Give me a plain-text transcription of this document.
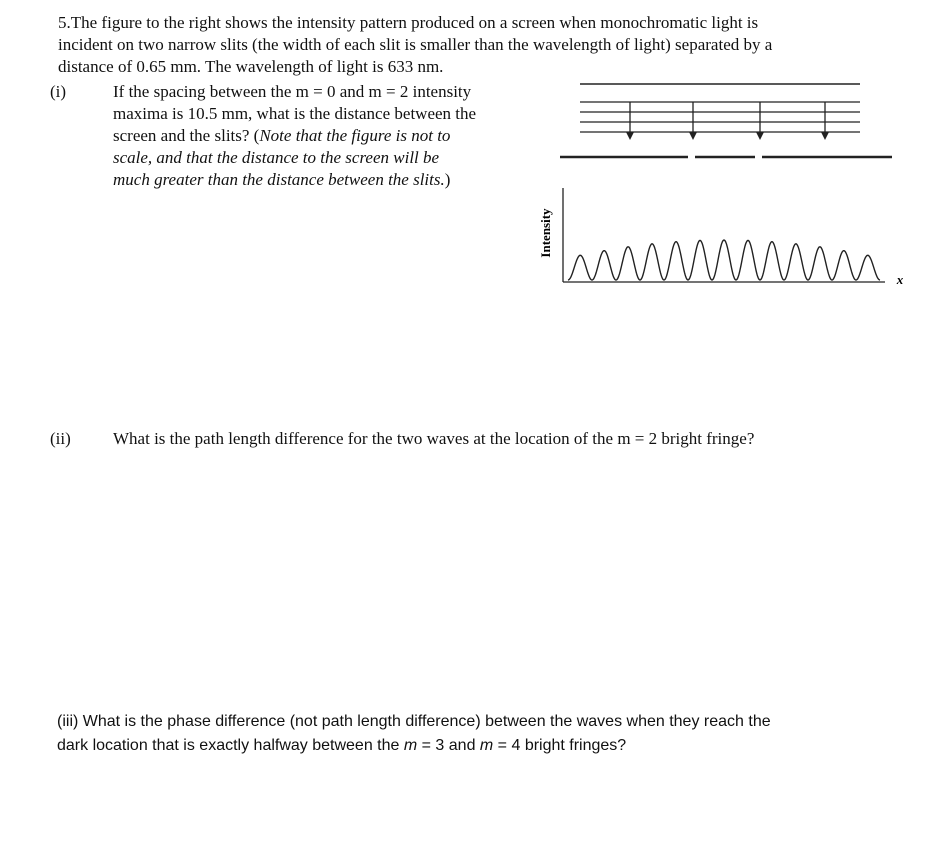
5.The figure to the right shows the intensity pattern produced on a screen when monochromatic light is
incident on two narrow slits (the width of each slit is smaller than the wavelength of light) separated by a
distance of 0.65 mm. The wavelength of light is 633 nm.
(i)	If the spacing between the m = 0 and m = 2 intensity
maxima is 10.5 mm, what is the distance between the
screen and the slits? (Note that the figure is not to
scale, and that the distance to the screen will be
much greater than the distance between the slits.)
Intensity
x
(ii) What is the path length difference for the two waves at the location of the m = 2 bright fringe?
(iii) What is the phase difference (not path length difference) between the waves when they reach the
dark location that is exactly halfway between the m = 3 and m = 4 bright fringes?
